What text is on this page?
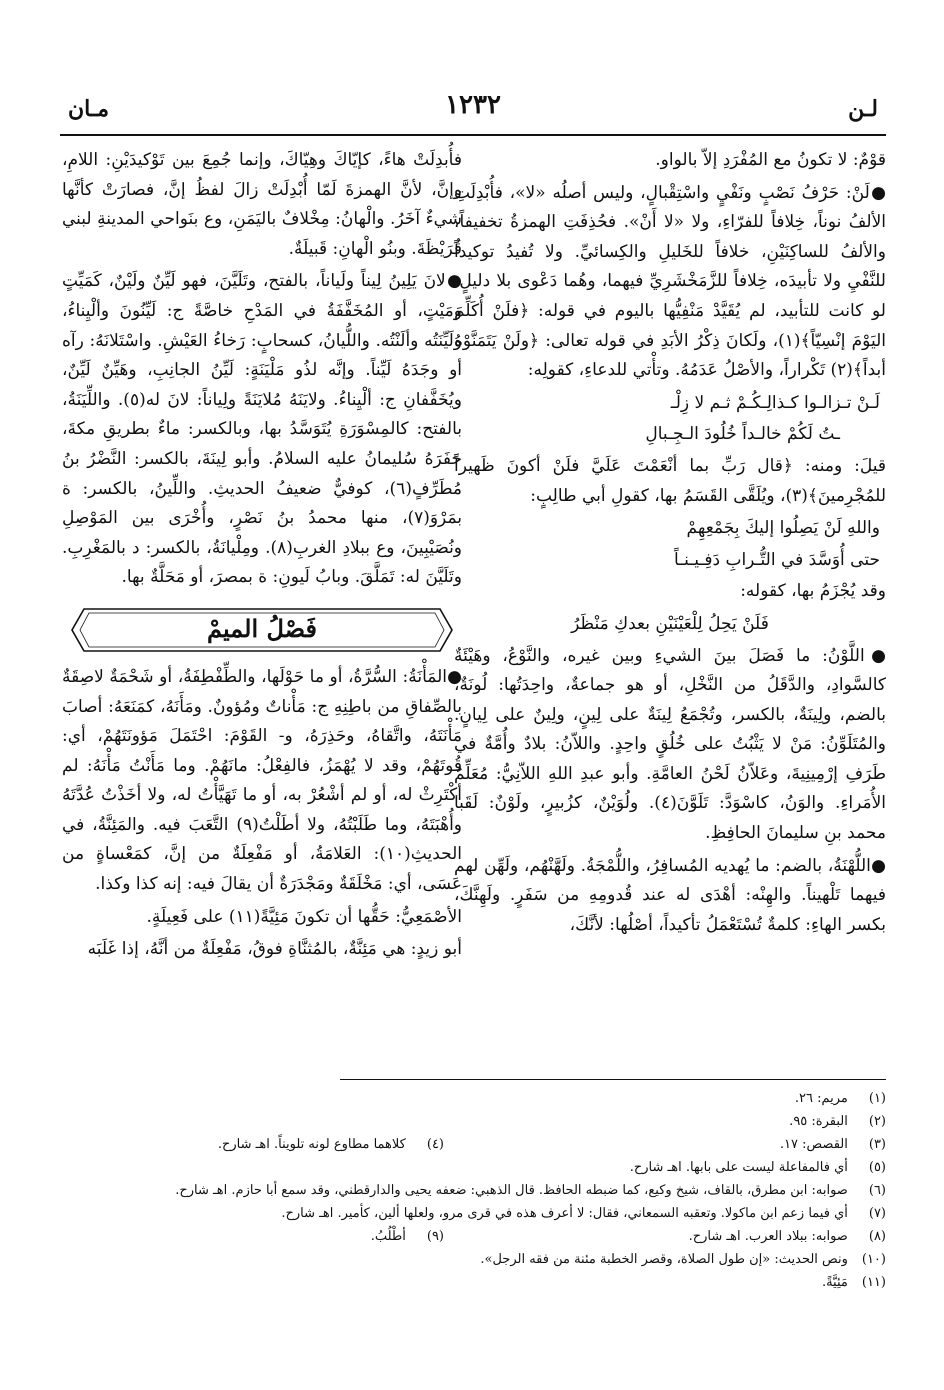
لـن
١٢٣٢
مـان
قوْمٌ: لا تكونُ مع المُفْرَدِ إلاّ بالواو.
●لَنْ: حَرْفُ نَصْبٍ ونَفْيٍ واسْتِقْبالٍ، وليس أصلُه «لا»، فأُبْدِلَتِ الألفُ نوناً، خِلافاً للفرّاءِ، ولا «لا أَنْ». فحُذِفَتِ الهمزةُ تخفيفاً، والألفُ للساكِنَيْنِ، خلافاً للخَليلِ والكِسائيِّ. ولا تُفيدُ توكيداً للنَّفْيِ ولا تأبيدَه، خِلافاً للزَّمَخْشَرِيِّ فيهما، وهُما دَعْوى بلا دليلٍ. لو كانت للتأبيد، لم يُقَيَّدْ مَنْفِيُّها باليوم في قوله: ﴿فلَنْ أُكَلِّمَ اليَوْمَ إنْسِيّاً﴾(١)، ولَكانَ ذِكْرُ الأبَدِ في قوله تعالى: ﴿ولَنْ يَتَمَنَّوْهُ أبداً﴾(٢) تَكْراراً، والأصْلُ عَدَمُهُ. وتأْتي للدعاءِ، كقولِه:
لَـنْ تـزالـوا كـذالِـكُـمْ ثـم لا زِلْـ
ـتُ لَكُمْ خالـداً خُلُودَ الـجِـبالِ
قيلَ: ومنه: ﴿قال رَبِّ بما أنْعَمْتَ عَلَيَّ فلَنْ أكونَ ظَهيراً للمُجْرِمينَ﴾(٣)، ويُلَقَّى القَسَمُ بها، كقولِ أبي طالِبٍ:
واللهِ لَنْ يَصِلُوا إليكَ بِجَمْعِهِمْ
حتى أُوَسَّدَ في التُّـرابِ دَفِـيـنـاً
وقد يُجْزَمُ بها، كقوله:
فَلَنْ يَحِلُ لِلْعَيْنَيْنِ بعدكِ مَنْظَرُ
●اللَّوْنُ: ما فَصَلَ بينَ الشيءِ وبين غيره، والنَّوْعُ، وهَيْئَةٌ كالسَّوادِ، والدَّقَلُ من النَّخْلِ، أو هو جماعةٌ، واحِدَتُها: لُونَةٌ، بالضم، ولِينَةٌ، بالكسر، وتُجْمَعُ لِينَةٌ على لِينٍ، ولِينٌ على لِيانٍ. والمُتَلَوِّنُ: مَنْ لا يَثْبُتُ على خُلُقٍ واحِدٍ. واللاّنُ: بلادٌ وأُمَّةٌ في طَرَفِ إرْمِينِيةَ، وعَلاّنُ لَحْنُ العامَّةِ. وأبو عبدِ اللهِ اللاّنِيُّ: مُعَلِّمُ الأُمَراءِ. والوَنُ، كاسْوَدَّ: تَلَوَّنَ(٤). ولُوَيْنٌ، كزُبيرٍ، ولَوْنٌ: لَقَبا محمد بنِ سليمانَ الحافِظِ.
●اللُّهْنَةُ، بالضم: ما يُهديه المُسافِرُ، واللُّمْجَةُ. ولَهَّنْهُم، ولَهِّن لهم فيهما تَلْهيناً. والهِنْه: أهْدَى له عند قُدومِهِ من سَفَرٍ. ولَهِنَّكَ، بكسر الهاءِ: كلمةٌ تُسْتَعْمَلُ تأكيداً، أصْلُها: لأنَّكَ،
فأُبدِلَتْ هاءً، كإيّاكَ وهِيّاكَ، وإنما جُمِعَ بين تَوْكيدَيْنِ: اللامِ، وإنَّ، لأنَّ الهمزةَ لَمّا أُبْدِلَتْ زالَ لفظُ إنَّ، فصارَتْ كأنَّها شيءٌ آخَرُ. والْهانُ: مِخْلافٌ باليَمَنِ، وع بنَواحي المدينةِ لبني قُرَيْظَةَ. وبنُو الْهانِ: قَبيلَةٌ.
●لانَ يَلِينُ لِيناً ولَياناً، بالفتح، وتَلَيَّنَ، فهو لَيِّنٌ ولَيْنٌ، كَمَيِّتٍ ومَيْتٍ، أو المُخَفَّفَةُ في المَدْحِ خاصَّةً ج: لَيِّنُونَ وألْيِناءُ، ولَيِّنَتُه وألَنْتُه. واللُّيانُ، كسحابٍ: رَخاءُ العَيْشِ. واسْتَلانَهُ: رآه أو وجَدَهُ لَيِّناً. وإنَّه لذُو مَلْيَنَةٍ: لَيِّنُ الجانِبِ، وهَيِّنٌ لَيِّنٌ، ويُخَفَّفانِ ج: ألْيِناءُ. ولايَنَهُ مُلايَنَةً ولِياناً: لانَ له(٥). واللِّيَنَةُ، بالفتح: كالمِسْوَرَةِ يُتَوَسَّدُ بها، وبالكسر: ماءٌ بطريقِ مكةَ، حَفَرَهُ سُليمانُ عليه السلامُ. وأبو لِينَةَ، بالكسر: النَّضْرُ بنُ مُطَرِّفٍ(٦)، كوفيٌّ ضعيفُ الحديثِ. واللِّينُ، بالكسر: ة بمَرْوَ(٧)، منها محمدُ بنُ نَصْرٍ، وأُخْرَى بين المَوْصِلِ ونُصَيْبِينَ، وع ببلادِ الغربِ(٨). ومِلْيانَةُ، بالكسر: د بالمَغْرِبِ. وتَلَيَّنَ له: تَمَلَّقَ. وبابُ لَيونِ: ة بمصرَ، أو مَحَلَّةٌ بها.
فَصْلُ الميمْ
●المَأْنَةُ: السُّرَّةُ، أو ما حَوْلَها، والطِّفْطِفَةُ، أو شَحْمَةٌ لاصِقَةٌ بالصِّفاقِ من باطِنِهِ ج: مَأْناتٌ ومُؤونٌ. ومَأَنَهُ، كمَنَعَهُ: أصابَ مَأْنَتَهُ، واتَّقاهُ، وحَذِرَهُ، و- القَوْمَ: احْتَمَلَ مَؤونَتَهُمْ، أي: قُوتَهُمْ، وقد لا يُهْمَزُ، فالفِعْلُ: مانَهُمْ. وما مَأَنْتُ مَأْنَهُ: لم أكْتَرِثْ له، أو لم أشْعُرْ به، أو ما تَهَيَّأْتُ له، ولا أخَذْتُ عُدَّتَهُ وأُهْبَتَهُ، وما طَلَبْتُهُ، ولا أطَلْتُ(٩) التَّعَبَ فيه. والمَئِنَّةُ، في الحديثِ(١٠): العَلامَةُ، أو مَفْعِلَةٌ من إنَّ، كمَعْساةٍ من عَسَى، أي: مَخْلَقَةٌ ومَجْدَرَةٌ أن يقالَ فيه: إنه كذا وكذا.
الأصْمَعِيُّ: حَقُّها أن تكونَ مَئِيَّةً(١١) على فَعِيلَةٍ.
أبو زيدٍ: هي مَئِنَّةٌ، بالمُثنَّاةِ فوقُ، مَفْعِلَةٌ من أنَّهُ، إذا غَلَبَه
(١) مريم: ٢٦.
(٢) البقرة: ٩٥.
(٣) القصص: ١٧.
(٤) كلاهما مطاوع لونه تلويناً. اهـ شارح.
(٥) أي فالمفاعلة ليست على بابها. اهـ شارح.
(٦) صوابه: ابن مطرق، بالقاف، شيخ وكيع، كما ضبطه الحافظ. قال الذهبي: ضعفه يحيى والدارقطني، وقد سمع أبا حازم. اهـ شارح.
(٧) أي فيما زعم ابن ماكولا. وتعقبه السمعاني، فقال: لا أعرف هذه في قرى مرو، ولعلها ألين، كأمير. اهـ شارح.
(٨) صوابه: ببلاد العرب. اهـ شارح.
(٩) أطْلُبُ.
(١٠) ونص الحديث: «إن طول الصلاة، وقصر الخطبة مئنة من فقه الرجل».
(١١) مَئِيَّةً.
